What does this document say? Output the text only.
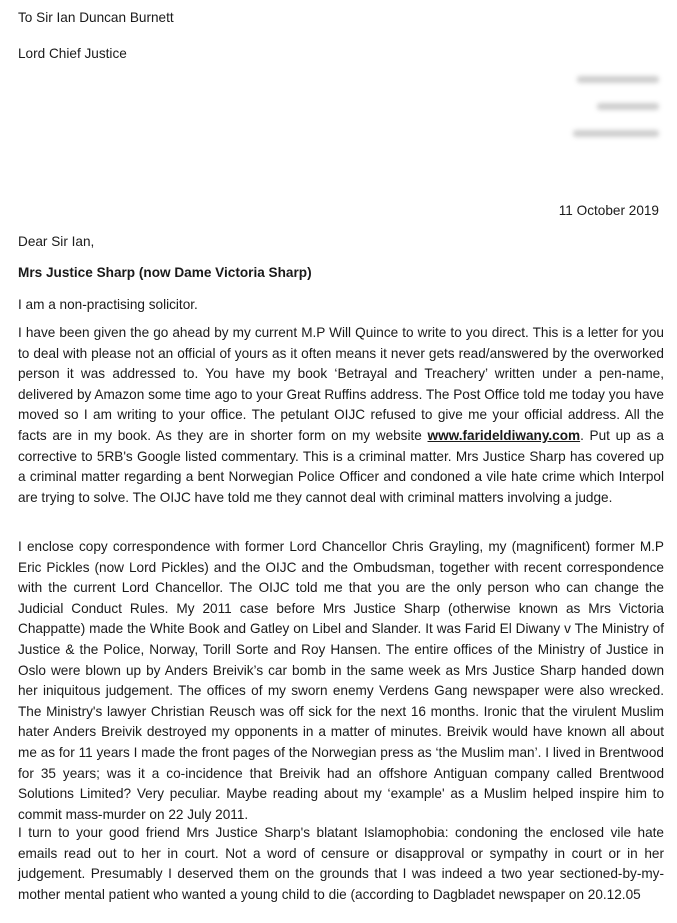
To Sir Ian Duncan Burnett
Lord Chief Justice
11 October 2019
Dear Sir Ian,
Mrs Justice Sharp (now Dame Victoria Sharp)
I am a non-practising solicitor.
I have been given the go ahead by my current M.P Will Quince to write to you direct. This is a letter for you to deal with please not an official of yours as it often means it never gets read/answered by the overworked person it was addressed to. You have my book ‘Betrayal and Treachery’ written under a pen-name, delivered by Amazon some time ago to your Great Ruffins address. The Post Office told me today you have moved so I am writing to your office. The petulant OIJC refused to give me your official address. All the facts are in my book. As they are in shorter form on my website www.farideldiwany.com. Put up as a corrective to 5RB's Google listed commentary. This is a criminal matter. Mrs Justice Sharp has covered up a criminal matter regarding a bent Norwegian Police Officer and condoned a vile hate crime which Interpol are trying to solve. The OIJC have told me they cannot deal with criminal matters involving a judge.
I enclose copy correspondence with former Lord Chancellor Chris Grayling, my (magnificent) former M.P Eric Pickles (now Lord Pickles) and the OIJC and the Ombudsman, together with recent correspondence with the current Lord Chancellor. The OIJC told me that you are the only person who can change the Judicial Conduct Rules. My 2011 case before Mrs Justice Sharp (otherwise known as Mrs Victoria Chappatte) made the White Book and Gatley on Libel and Slander. It was Farid El Diwany v The Ministry of Justice & the Police, Norway, Torill Sorte and Roy Hansen. The entire offices of the Ministry of Justice in Oslo were blown up by Anders Breivik’s car bomb in the same week as Mrs Justice Sharp handed down her iniquitous judgement. The offices of my sworn enemy Verdens Gang newspaper were also wrecked. The Ministry's lawyer Christian Reusch was off sick for the next 16 months. Ironic that the virulent Muslim hater Anders Breivik destroyed my opponents in a matter of minutes. Breivik would have known all about me as for 11 years I made the front pages of the Norwegian press as ‘the Muslim man’. I lived in Brentwood for 35 years; was it a co-incidence that Breivik had an offshore Antiguan company called Brentwood Solutions Limited? Very peculiar. Maybe reading about my ‘example' as a Muslim helped inspire him to commit mass-murder on 22 July 2011.
I turn to your good friend Mrs Justice Sharp's blatant Islamophobia: condoning the enclosed vile hate emails read out to her in court. Not a word of censure or disapproval or sympathy in court or in her judgement. Presumably I deserved them on the grounds that I was indeed a two year sectioned-by-my-mother mental patient who wanted a young child to die (according to Dagbladet newspaper on 20.12.05
